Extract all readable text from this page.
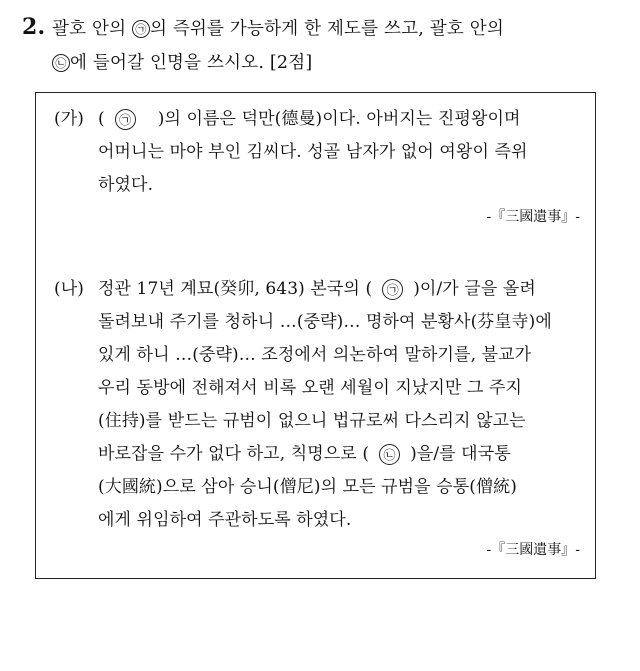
2. 괄호 안의 ㉠ 의 즉위를 가능하게 한 제도를 쓰고, 괄호 안의
㉡ 에 들어갈 인명을 쓰시오. [2점]
(가) ( ㉠ )의 이름은 덕만(德曼)이다. 아버지는 진평왕이며
어머니는 마야 부인 김씨다. 성골 남자가 없어 여왕이 즉위
하였다.
-『三國遺事』-
(나) 정관 17년 계묘(癸卯, 643) 본국의 ( ㉠ )이/가 글을 올려
돌려보내 주기를 청하니 …(중략)… 명하여 분황사(芬皇寺)에
있게 하니 …(중략)… 조정에서 의논하여 말하기를, 불교가
우리 동방에 전해져서 비록 오랜 세월이 지났지만 그 주지
(住持)를 받드는 규범이 없으니 법규로써 다스리지 않고는
바로잡을 수가 없다 하고, 칙명으로 ( ㉡ )을/를 대국통
(大國統)으로 삼아 승니(僧尼)의 모든 규범을 승통(僧統)
에게 위임하여 주관하도록 하였다.
-『三國遺事』-
